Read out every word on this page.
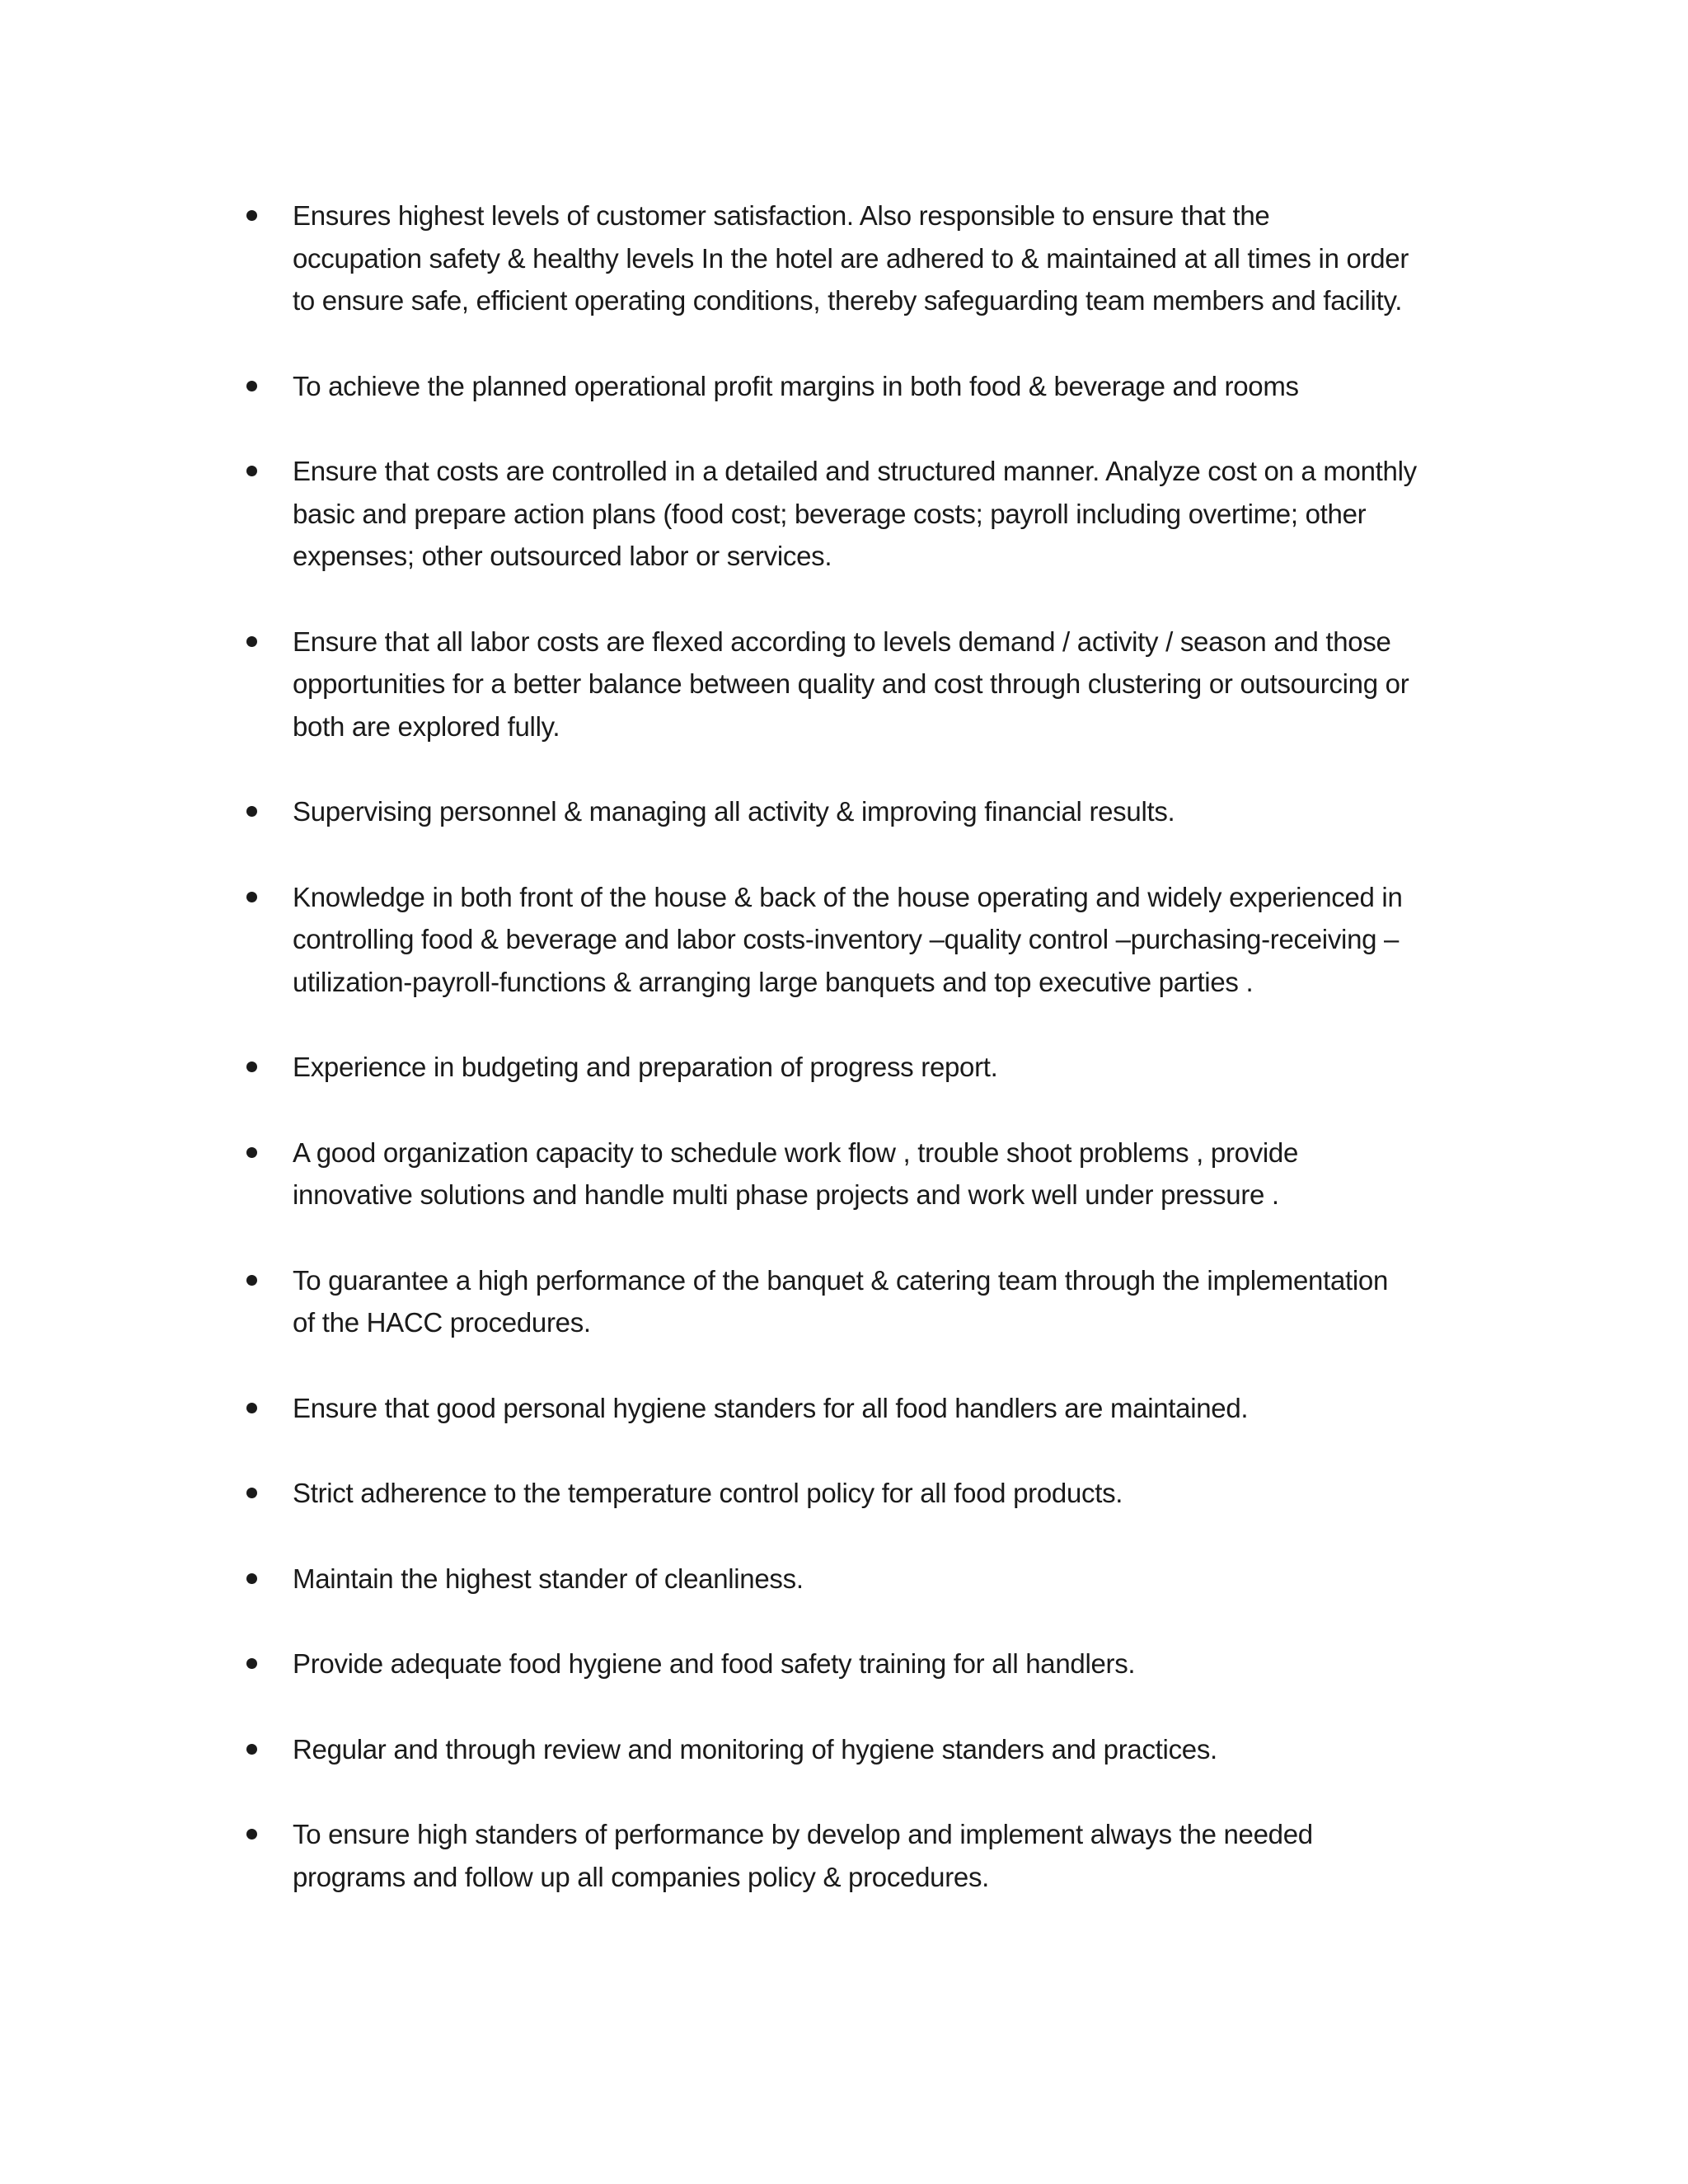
Ensures highest levels of customer satisfaction. Also responsible to ensure that the
occupation safety & healthy levels In the hotel are adhered to & maintained at all times in order
to ensure safe, efficient operating conditions, thereby safeguarding team members and facility.
To achieve the planned operational profit margins in both food & beverage and rooms
Ensure that costs are controlled in a detailed and structured manner. Analyze cost on a monthly
basic and prepare action plans (food cost; beverage costs; payroll including overtime; other
expenses; other outsourced labor or services.
Ensure that all labor costs are flexed according to levels demand / activity / season and those
opportunities for a better balance between quality and cost through clustering or outsourcing or
both are explored fully.
Supervising personnel & managing all activity & improving financial results.
Knowledge in both front of the house & back of the house operating and widely experienced in
controlling food & beverage and labor costs-inventory –quality control –purchasing-receiving –
utilization-payroll-functions & arranging large banquets and top executive parties .
Experience in budgeting and preparation of progress report.
A good organization capacity to schedule work flow , trouble shoot problems , provide
innovative solutions and handle multi phase projects and work well under pressure .
To guarantee a high performance of the banquet & catering team through the implementation
of the HACC procedures.
Ensure that good personal hygiene standers for all food handlers are maintained.
Strict adherence to the temperature control policy for all food products.
Maintain the highest stander of cleanliness.
Provide adequate food hygiene and food safety training for all handlers.
Regular and through review and monitoring of hygiene standers and practices.
To ensure high standers of performance by develop and implement always the needed
programs and follow up all companies policy & procedures.
